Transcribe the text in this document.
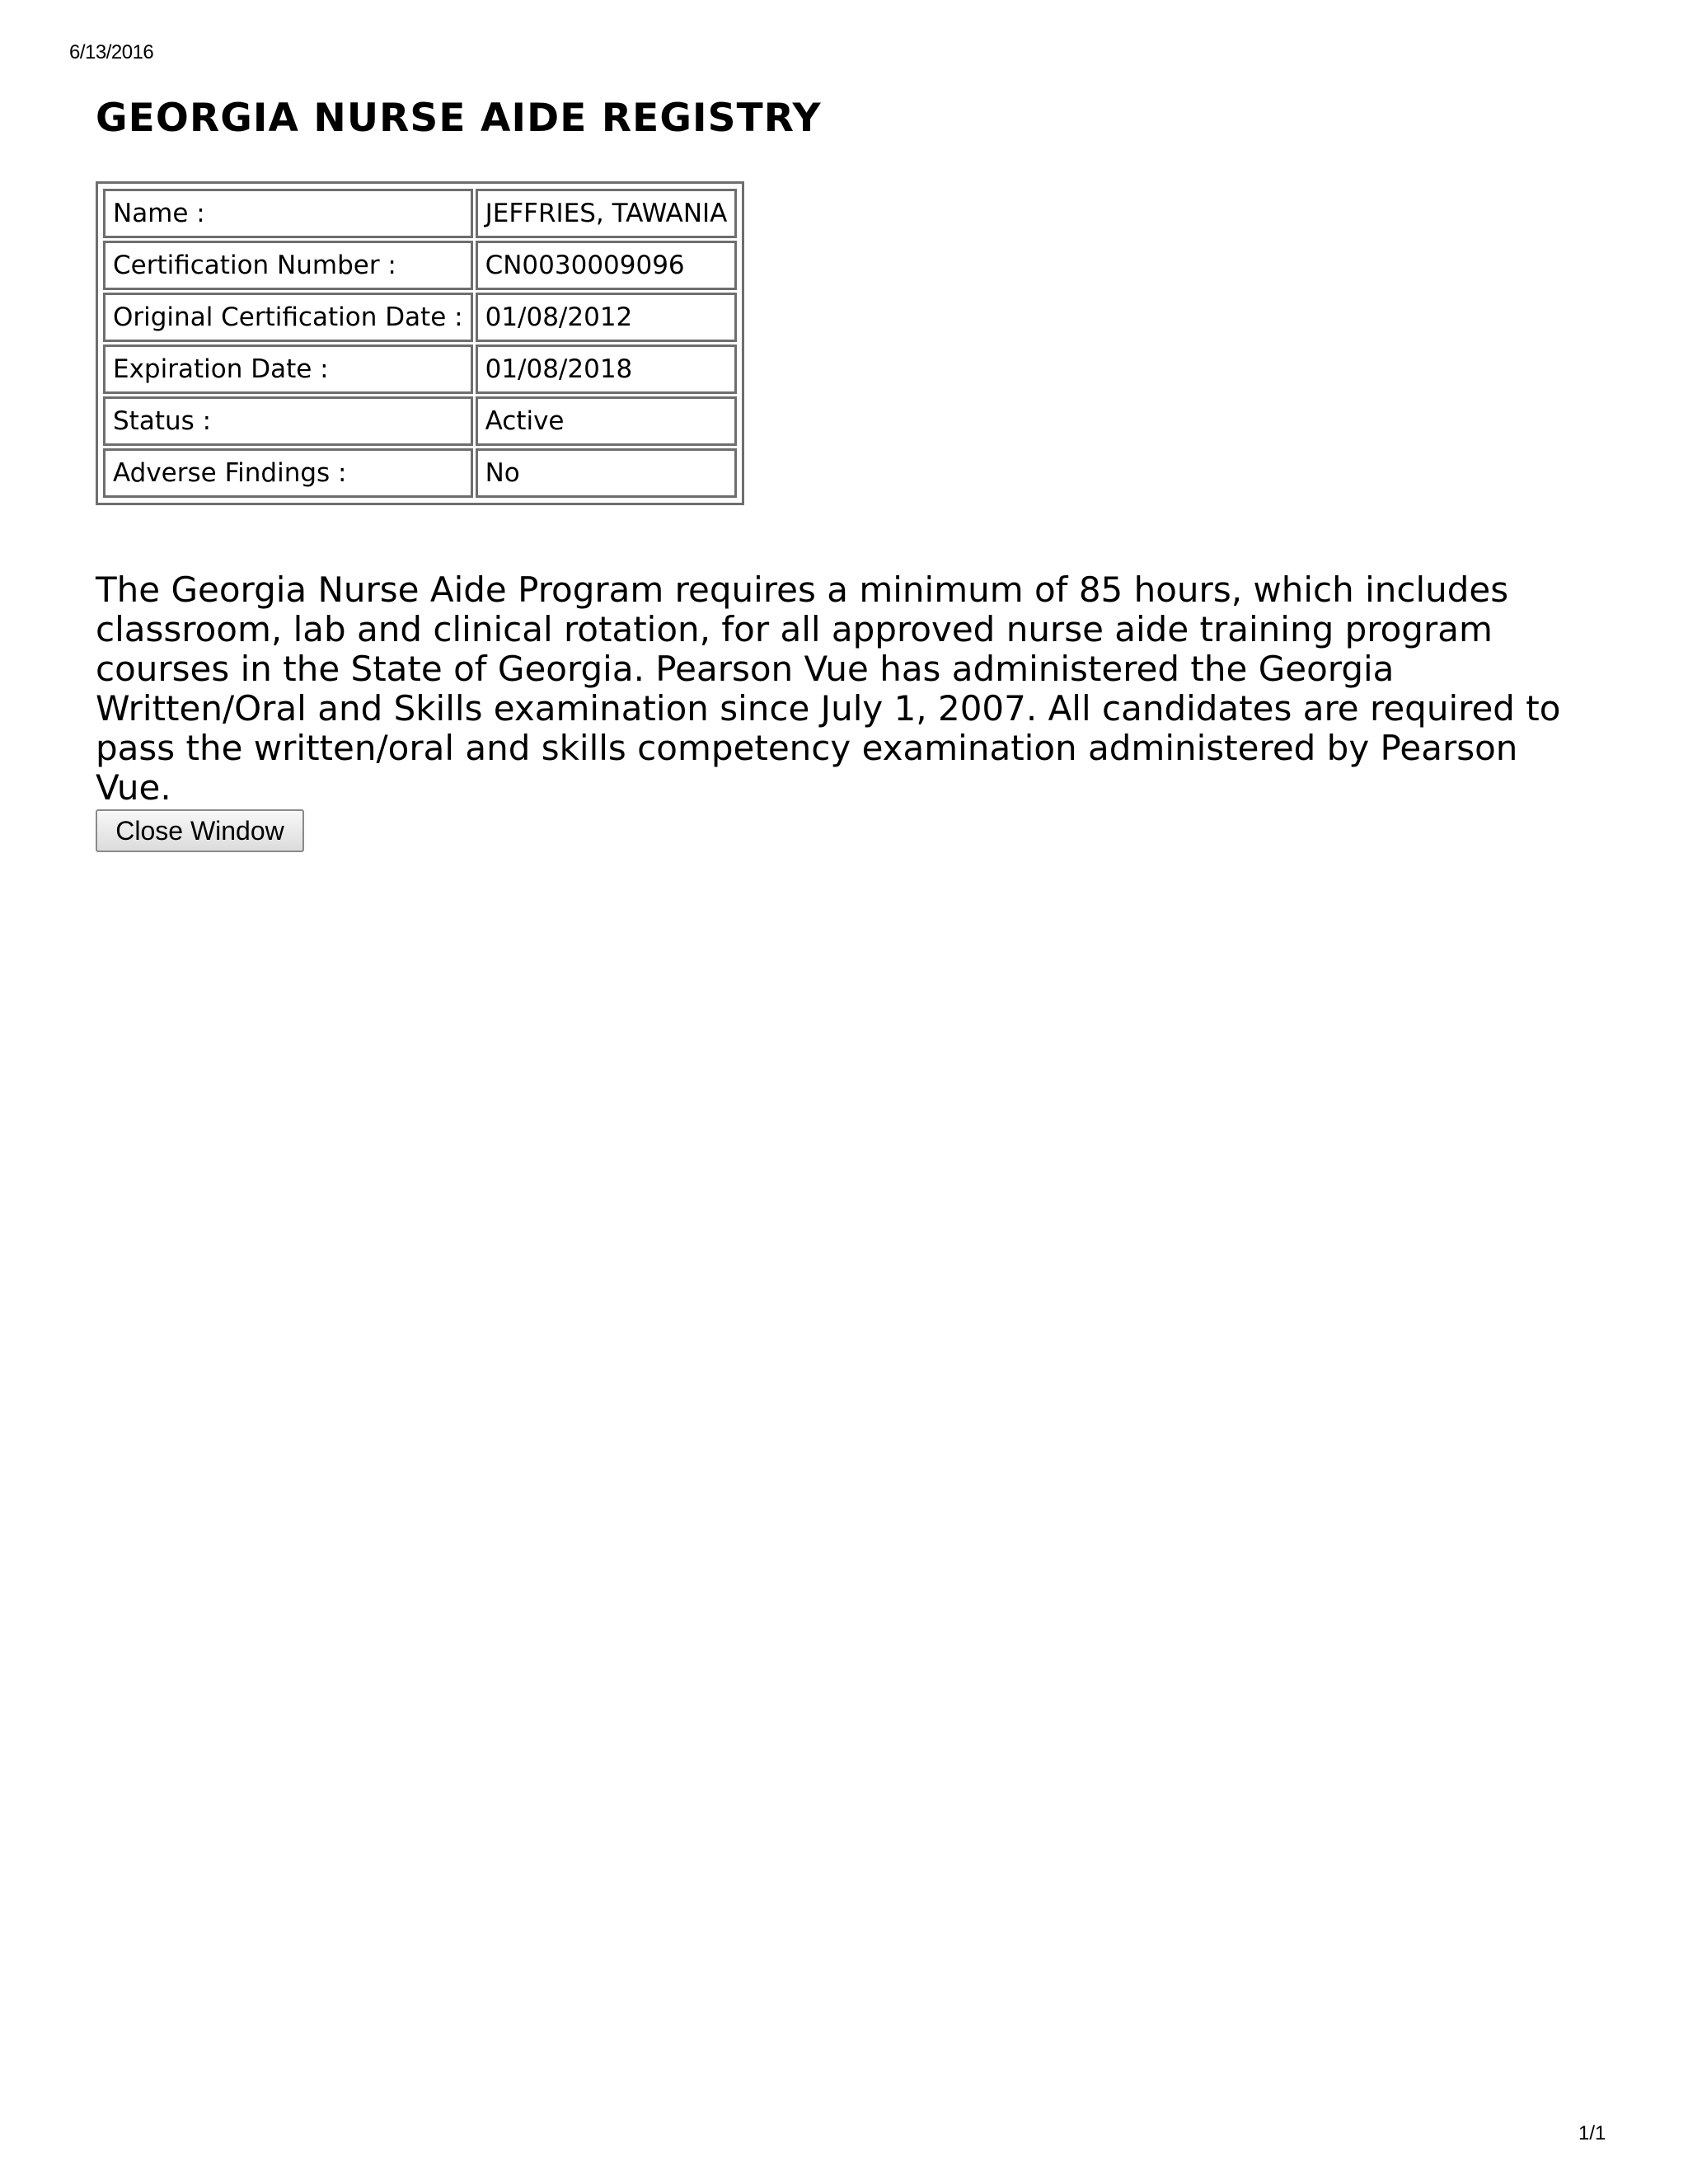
6/13/2016
GEORGIA NURSE AIDE REGISTRY
Name :	JEFFRIES, TAWANIA
Certification Number :	CN0030009096
Original Certification Date :	01/08/2012
Expiration Date :	01/08/2018
Status :	Active
Adverse Findings :	No

The Georgia Nurse Aide Program requires a minimum of 85 hours, which includes classroom, lab and clinical rotation, for all approved nurse aide training program courses in the State of Georgia. Pearson Vue has administered the Georgia Written/Oral and Skills examination since July 1, 2007. All candidates are required to pass the written/oral and skills competency examination administered by Pearson Vue.

Close Window
1/1
